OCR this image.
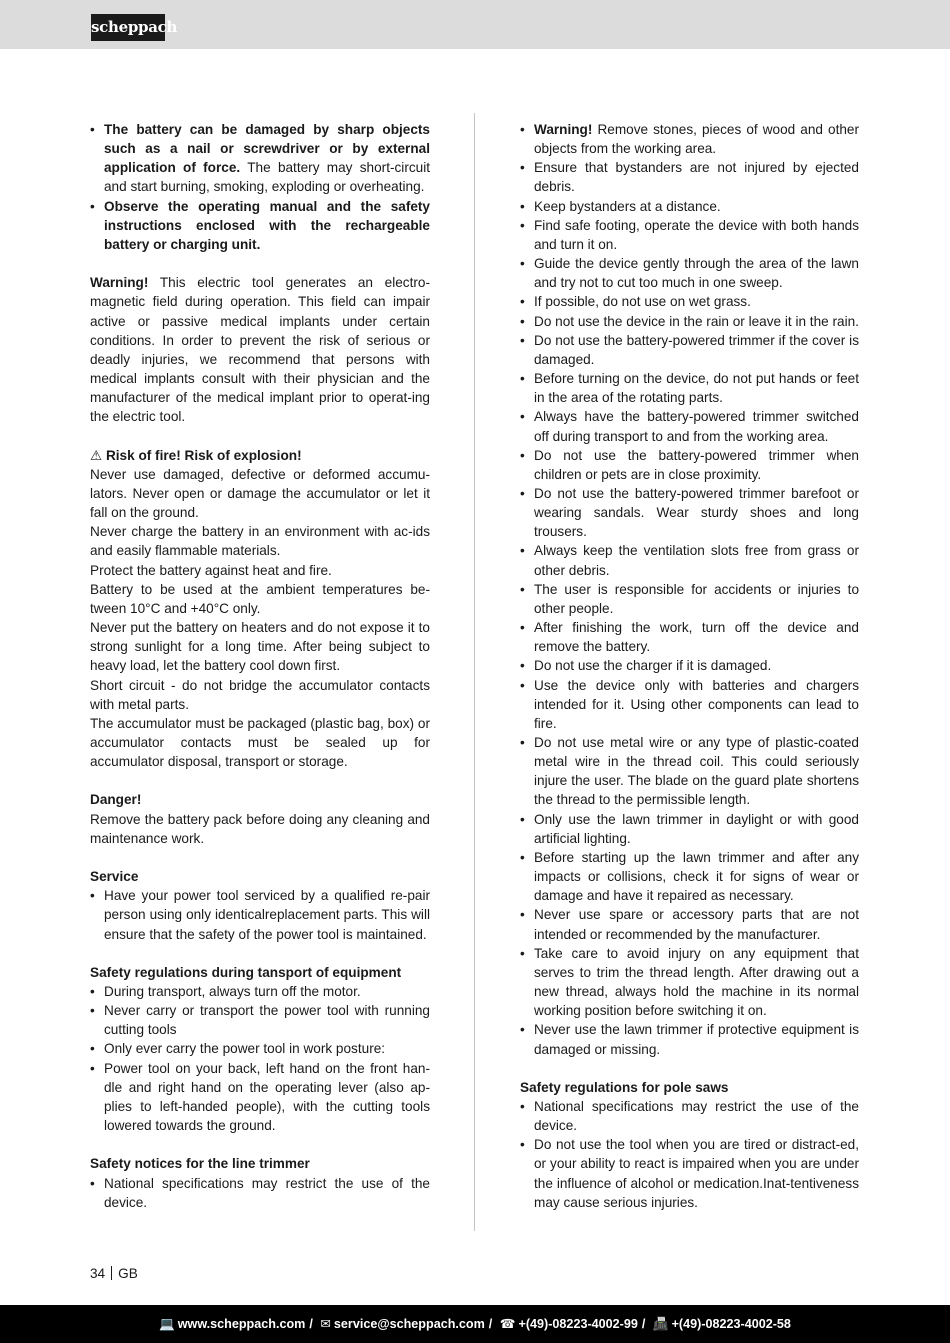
scheppach
• The battery can be damaged by sharp objects such as a nail or screwdriver or by external application of force. The battery may short-circuit and start burning, smoking, exploding or overheating.
• Observe the operating manual and the safety instructions enclosed with the rechargeable battery or charging unit.

Warning! This electric tool generates an electro-magnetic field during operation. This field can impair active or passive medical implants under certain conditions. In order to prevent the risk of serious or deadly injuries, we recommend that persons with medical implants consult with their physician and the manufacturer of the medical implant prior to operat-ing the electric tool.

⚠ Risk of fire! Risk of explosion!

Never use damaged, defective or deformed accumu-lators. Never open or damage the accumulator or let it fall on the ground.

Never charge the battery in an environment with ac-ids and easily flammable materials.

Protect the battery against heat and fire.

Battery to be used at the ambient temperatures be-tween 10°C and +40°C only.

Never put the battery on heaters and do not expose it to strong sunlight for a long time. After being subject to heavy load, let the battery cool down first.

Short circuit - do not bridge the accumulator contacts with metal parts.

The accumulator must be packaged (plastic bag, box) or accumulator contacts must be sealed up for accumulator disposal, transport or storage.

Danger!

Remove the battery pack before doing any cleaning and maintenance work.

Service

• Have your power tool serviced by a qualified re-pair person using only identicalreplacement parts. This will ensure that the safety of the power tool is maintained.

Safety regulations during tansport of equipment

• During transport, always turn off the motor.
• Never carry or transport the power tool with running cutting tools
• Only ever carry the power tool in work posture:
• Power tool on your back, left hand on the front han-dle and right hand on the operating lever (also ap-plies to left-handed people), with the cutting tools lowered towards the ground.

Safety notices for the line trimmer

• National specifications may restrict the use of the device.
• Warning! Remove stones, pieces of wood and other objects from the working area.
• Ensure that bystanders are not injured by ejected debris.
• Keep bystanders at a distance.
• Find safe footing, operate the device with both hands and turn it on.
• Guide the device gently through the area of the lawn and try not to cut too much in one sweep.
• If possible, do not use on wet grass.
• Do not use the device in the rain or leave it in the rain.
• Do not use the battery-powered trimmer if the cover is damaged.
• Before turning on the device, do not put hands or feet in the area of the rotating parts.
• Always have the battery-powered trimmer switched off during transport to and from the working area.
• Do not use the battery-powered trimmer when children or pets are in close proximity.
• Do not use the battery-powered trimmer barefoot or wearing sandals. Wear sturdy shoes and long trousers.
• Always keep the ventilation slots free from grass or other debris.
• The user is responsible for accidents or injuries to other people.
• After finishing the work, turn off the device and remove the battery.
• Do not use the charger if it is damaged.
• Use the device only with batteries and chargers intended for it. Using other components can lead to fire.
• Do not use metal wire or any type of plastic-coated metal wire in the thread coil. This could seriously injure the user. The blade on the guard plate shortens the thread to the permissible length.
• Only use the lawn trimmer in daylight or with good artificial lighting.
• Before starting up the lawn trimmer and after any impacts or collisions, check it for signs of wear or damage and have it repaired as necessary.
• Never use spare or accessory parts that are not intended or recommended by the manufacturer.
• Take care to avoid injury on any equipment that serves to trim the thread length. After drawing out a new thread, always hold the machine in its normal working position before switching it on.
• Never use the lawn trimmer if protective equipment is damaged or missing.

Safety regulations for pole saws

• National specifications may restrict the use of the device.
• Do not use the tool when you are tired or distract-ed, or your ability to react is impaired when you are under the influence of alcohol or medication.Inat-tentiveness may cause serious injuries.
34 GB
💻 www.scheppach.com / ✉ service@scheppach.com / ☎ +(49)-08223-4002-99 / 📠 +(49)-08223-4002-58
